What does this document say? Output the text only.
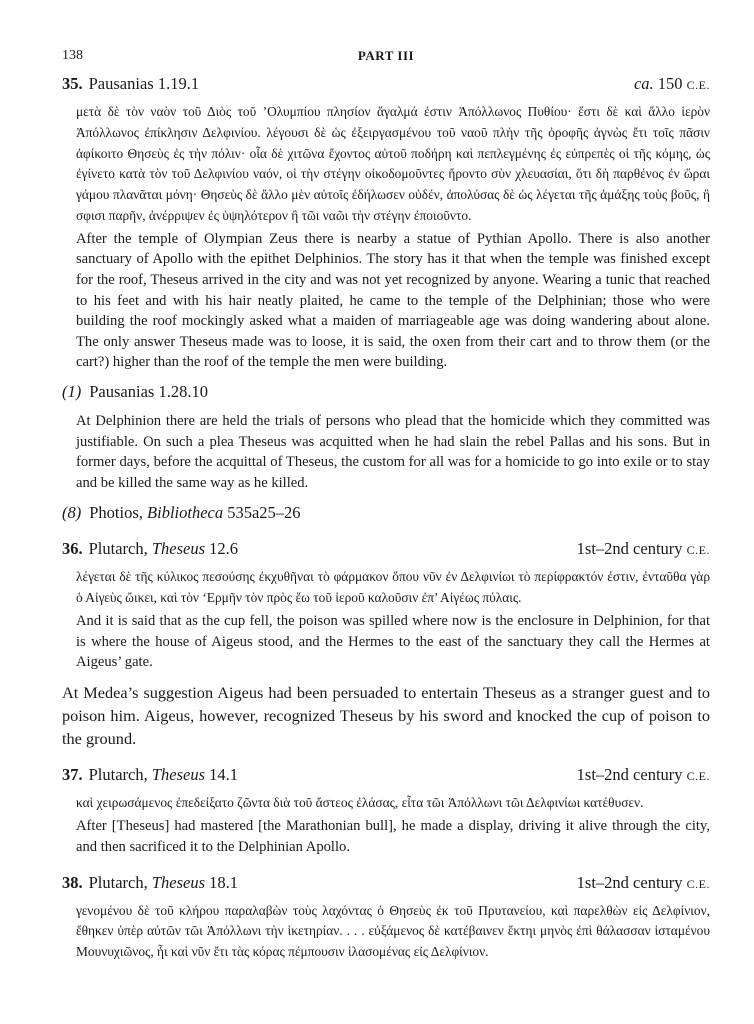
138	PART III
35. Pausanias 1.19.1	ca. 150 C.E.

μετὰ δὲ τὸν ναὸν τοῦ Διὸς τοῦ ’Ολυμπίου πλησίον ἄγαλμά ἐστιν Ἀπόλλωνος Πυθίου· ἔστι δὲ καὶ ἄλλο ἱερὸν Ἀπόλλωνος ἐπίκλησιν Δελφινίου. λέγουσι δὲ ὡς ἐξειργασμένου τοῦ ναοῦ πλὴν τῆς ὀροφῆς ἀγνὼς ἔτι τοῖς πᾶσιν ἀφίκοιτο Θησεὺς ἐς τὴν πόλιν· οἷα δὲ χιτῶνα ἔχοντος αὐτοῦ ποδήρη καὶ πεπλεγμένης ἐς εὐπρεπὲς οἱ τῆς κόμης, ὡς ἐγίνετο κατὰ τὸν τοῦ Δελφινίου ναόν, οἱ τὴν στέγην οἰκοδομοῦντες ἤροντο σὺν χλευασίαι, ὅτι δὴ παρθένος ἐν ὥραι γάμου πλανᾶται μόνη· Θησεὺς δὲ ἄλλο μὲν αὐτοῖς ἐδήλωσεν οὐδέν, ἀπολύσας δὲ ὡς λέγεται τῆς ἁμάξης τοὺς βοῦς, ἣ σφισι παρῆν, ἀνέρριψεν ἐς ὑψηλότερον ἢ τῶι ναῶι τὴν στέγην ἐποιοῦντο.

After the temple of Olympian Zeus there is nearby a statue of Pythian Apollo. There is also another sanctuary of Apollo with the epithet Delphinios. The story has it that when the temple was finished except for the roof, Theseus arrived in the city and was not yet recognized by anyone. Wearing a tunic that reached to his feet and with his hair neatly plaited, he came to the temple of the Delphinian; those who were building the roof mockingly asked what a maiden of marriageable age was doing wandering about alone. The only answer Theseus made was to loose, it is said, the oxen from their cart and to throw them (or the cart?) higher than the roof of the temple the men were building.

(1) Pausanias 1.28.10

At Delphinion there are held the trials of persons who plead that the homicide which they committed was justifiable. On such a plea Theseus was acquitted when he had slain the rebel Pallas and his sons. But in former days, before the acquittal of Theseus, the custom for all was for a homicide to go into exile or to stay and be killed the same way as he killed.

(8) Photios, Bibliotheca 535a25–26
36. Plutarch, Theseus 12.6	1st–2nd century C.E.

λέγεται δὲ τῆς κύλικος πεσούσης ἐκχυθῆναι τὸ φάρμακον ὅπου νῦν ἐν Δελφινίωι τὸ περίφρακτόν ἐστιν, ἐνταῦθα γὰρ ὁ Αἰγεὺς ὤικει, καὶ τὸν ‘Ερμῆν τὸν πρὸς ἕω τοῦ ἱεροῦ καλοῦσιν ἐπ’ Αἰγέως πύλαις.

And it is said that as the cup fell, the poison was spilled where now is the enclosure in Delphinion, for that is where the house of Aigeus stood, and the Hermes to the east of the sanctuary they call the Hermes at Aigeus’ gate.

At Medea’s suggestion Aigeus had been persuaded to entertain Theseus as a stranger guest and to poison him. Aigeus, however, recognized Theseus by his sword and knocked the cup of poison to the ground.

37. Plutarch, Theseus 14.1	1st–2nd century C.E.

καὶ χειρωσάμενος ἐπεδείξατο ζῶντα διὰ τοῦ ἄστεος ἐλάσας, εἶτα τῶι Ἀπόλλωνι τῶι Δελφινίωι κατέθυσεν.

After [Theseus] had mastered [the Marathonian bull], he made a display, driving it alive through the city, and then sacrificed it to the Delphinian Apollo.

38. Plutarch, Theseus 18.1	1st–2nd century C.E.

γενομένου δὲ τοῦ κλήρου παραλαβὼν τοὺς λαχόντας ὁ Θησεὺς ἐκ τοῦ Πρυτανείου, καὶ παρελθὼν εἰς Δελφίνιον, ἔθηκεν ὑπὲρ αὐτῶν τῶι Ἀπόλλωνι τὴν ἱκετηρίαν. . . . εὐξάμενος δὲ κατέβαινεν ἕκτηι μηνὸς ἐπὶ θάλασσαν ἱσταμένου Μουνυχιῶνος, ἧι καὶ νῦν ἔτι τὰς κόρας πέμπουσιν ἱλασομένας εἰς Δελφίνιον.
